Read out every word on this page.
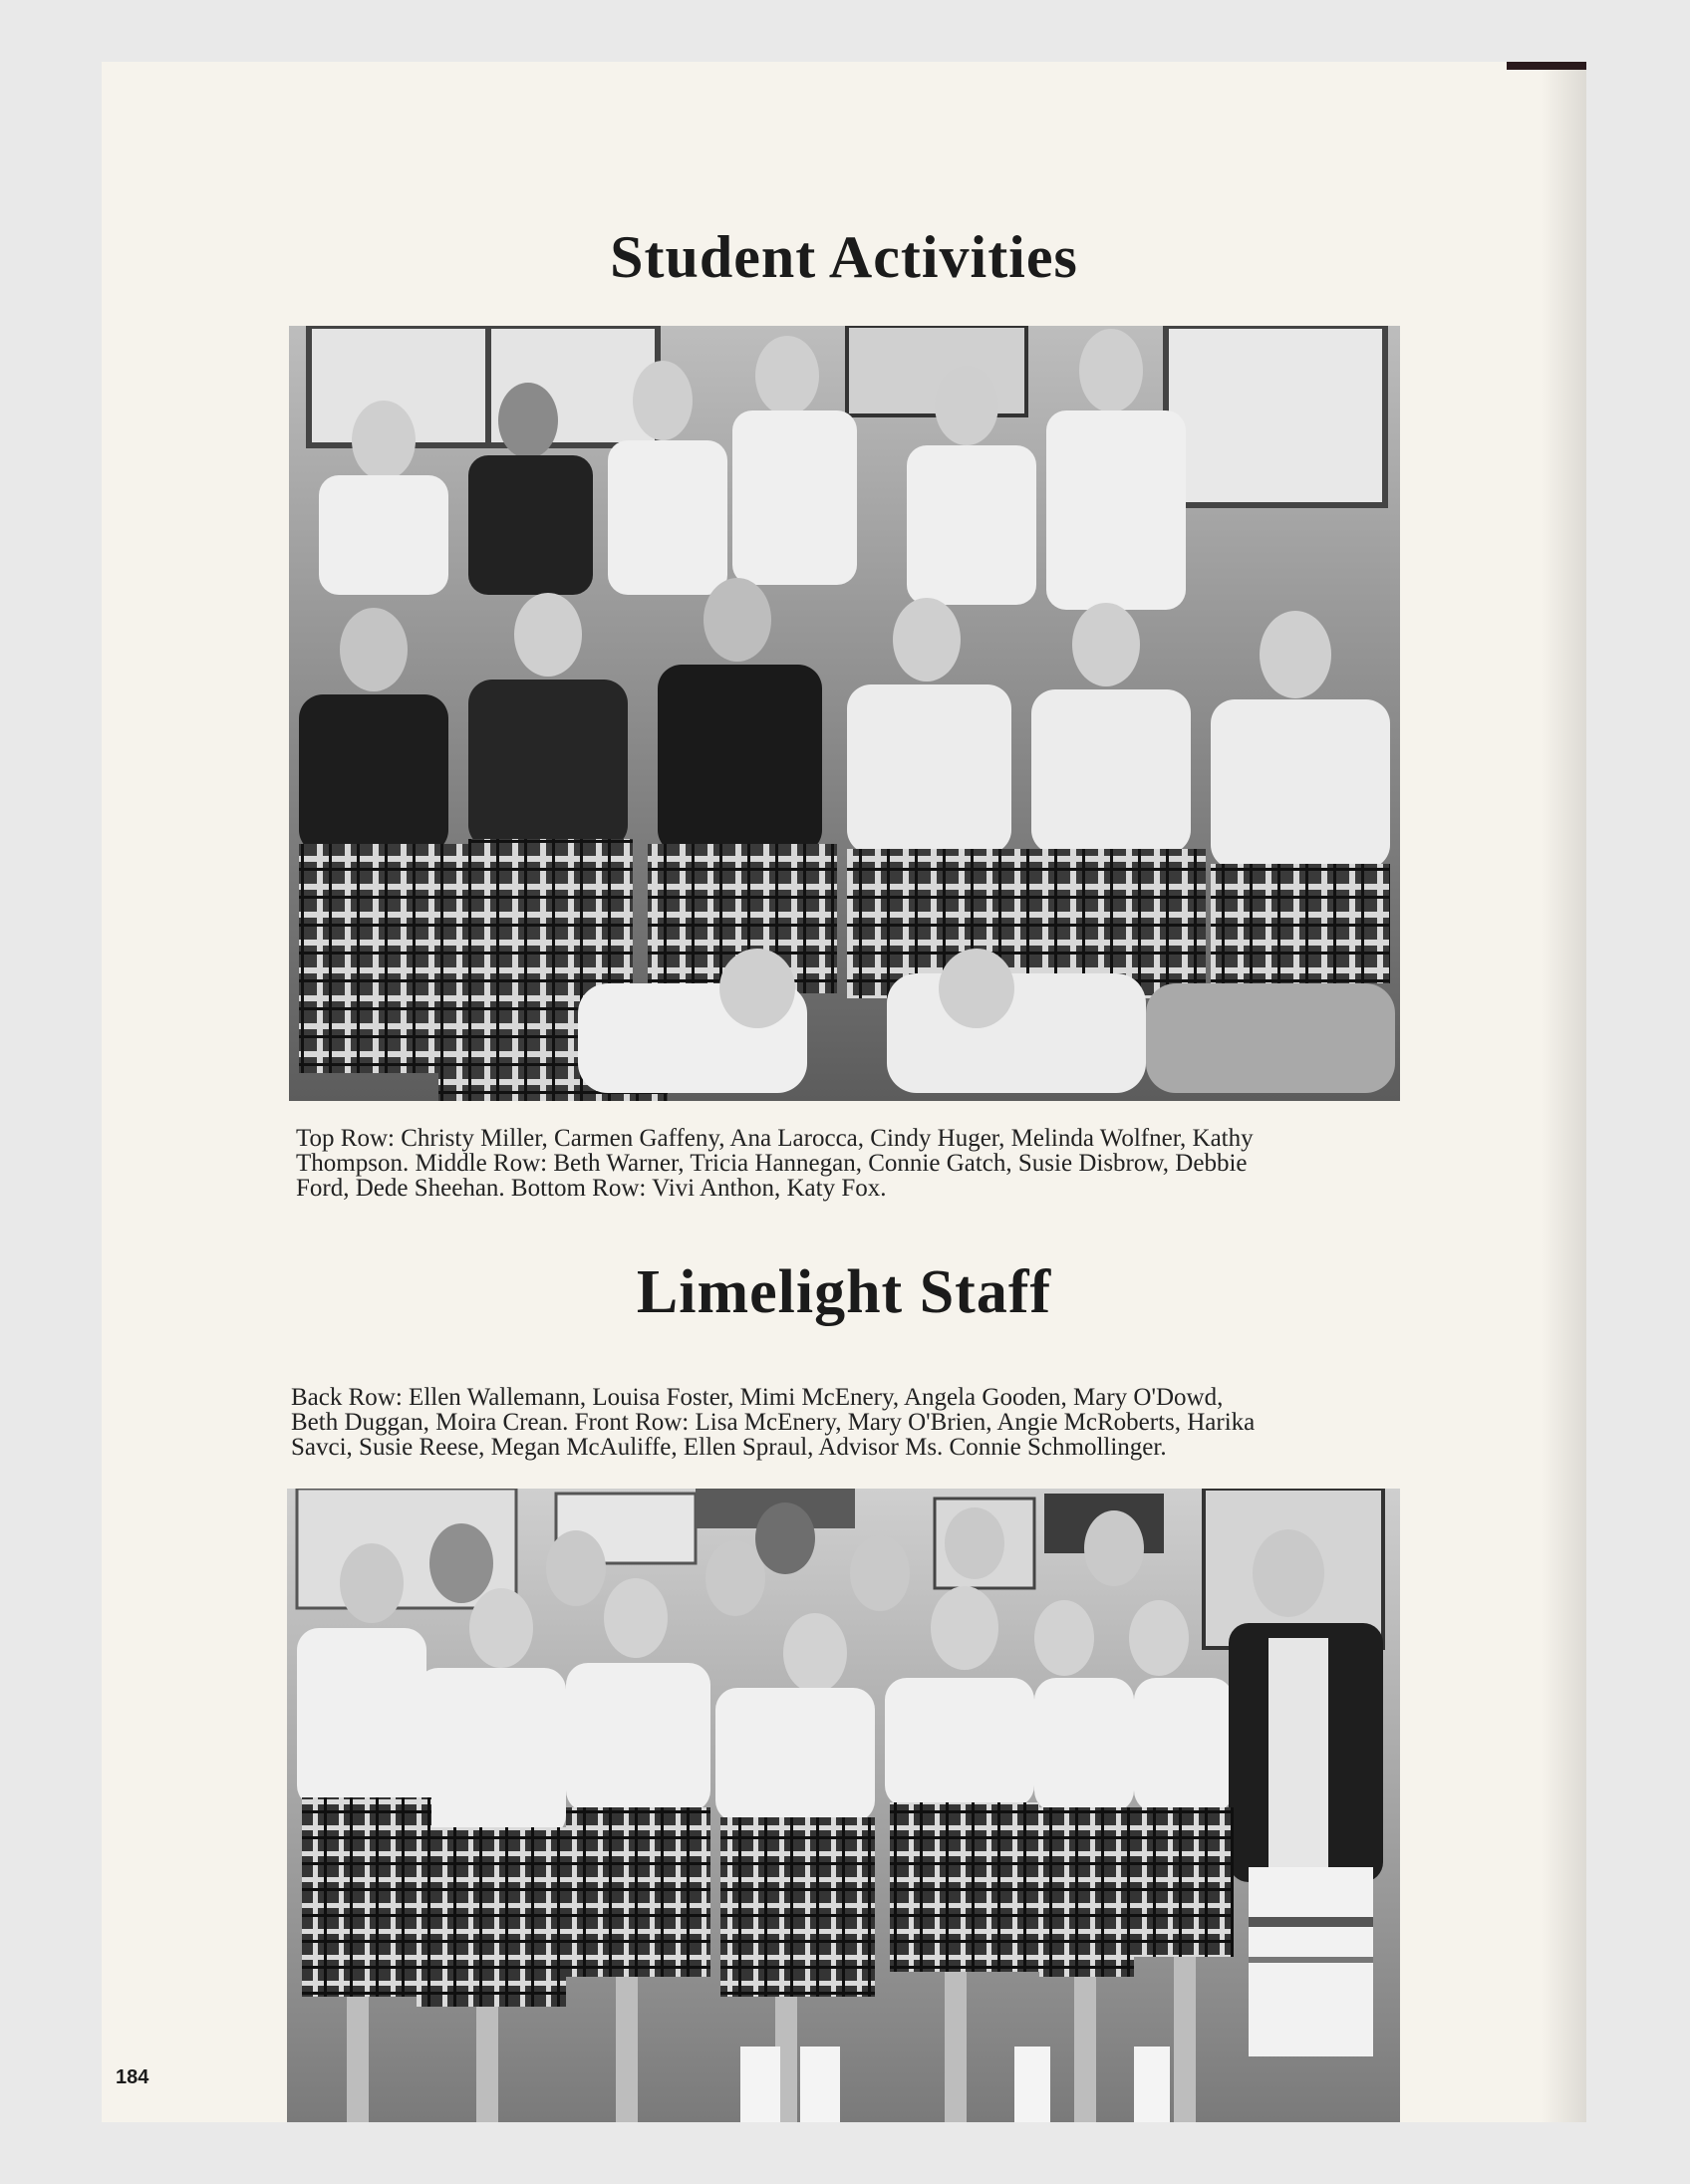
Student Activities
Top Row: Christy Miller, Carmen Gaffeny, Ana Larocca, Cindy Huger, Melinda Wolfner, Kathy
Thompson. Middle Row: Beth Warner, Tricia Hannegan, Connie Gatch, Susie Disbrow, Debbie
Ford, Dede Sheehan. Bottom Row: Vivi Anthon, Katy Fox.
Limelight Staff
Back Row: Ellen Wallemann, Louisa Foster, Mimi McEnery, Angela Gooden, Mary O'Dowd,
Beth Duggan, Moira Crean. Front Row: Lisa McEnery, Mary O'Brien, Angie McRoberts, Harika
Savci, Susie Reese, Megan McAuliffe, Ellen Spraul, Advisor Ms. Connie Schmollinger.
184
